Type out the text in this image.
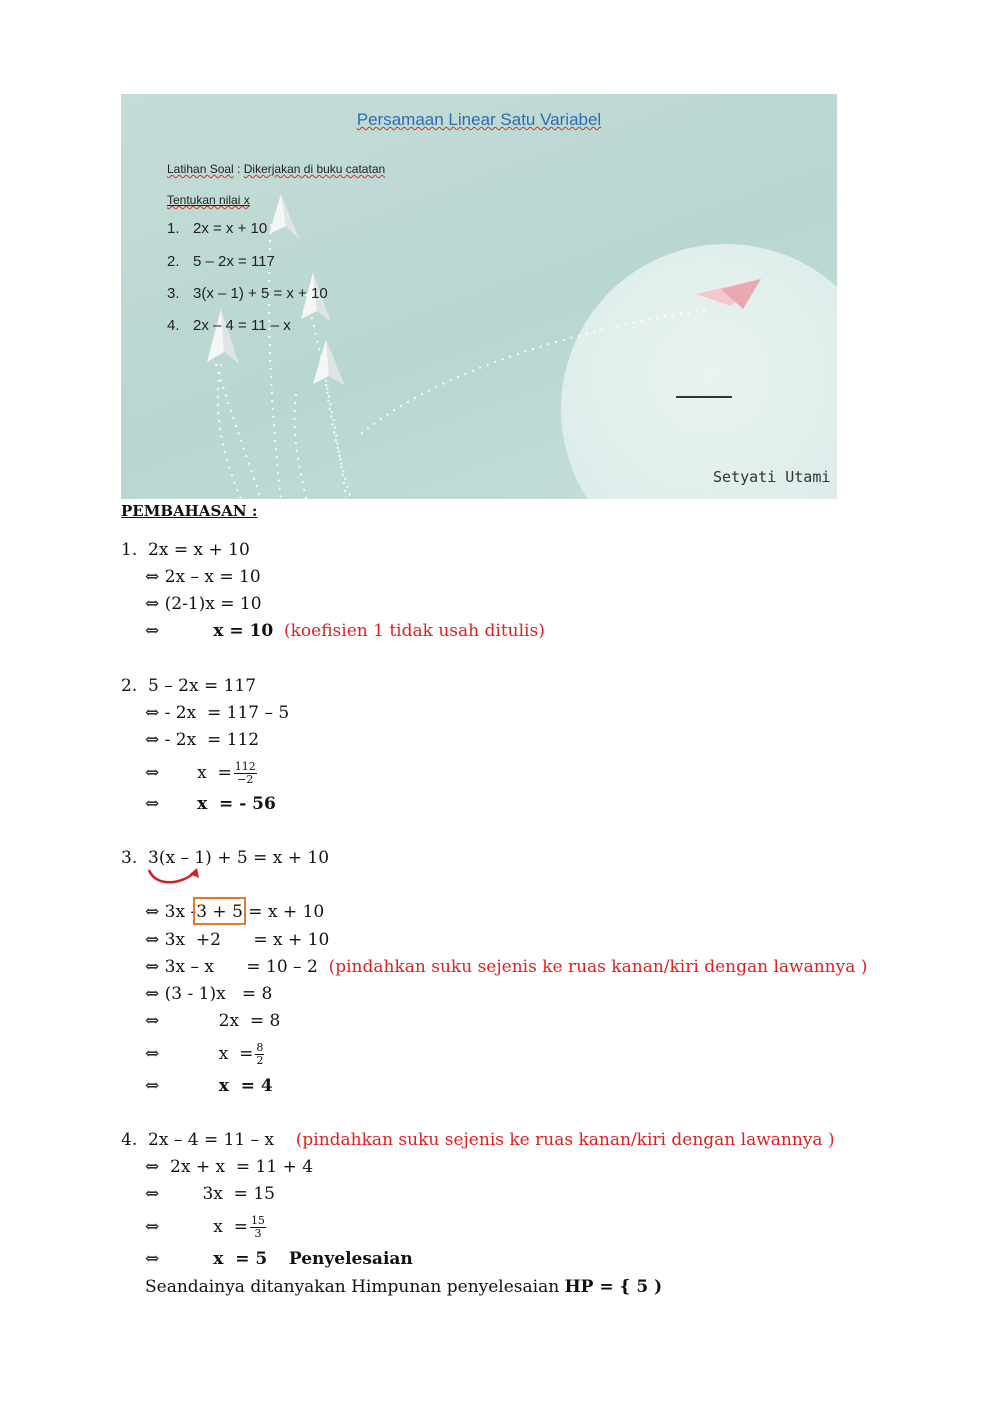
Persamaan Linear Satu Variabel
Latihan Soal : Dikerjakan di buku catatan
Tentukan nilai x
1. 2x = x + 10
2. 5 – 2x = 117
3. 3(x – 1) + 5 = x + 10
4. 2x – 4 = 11 – x
Setyati Utami
PEMBAHASAN :
1.  2x = x + 10
⇔ 2x – x = 10
⇔ (2-1)x = 10
⇔	x = 10 (koefisien 1 tidak usah ditulis)
2.  5 – 2x = 117
⇔ - 2x  = 117 – 5
⇔ - 2x  = 112
⇔ $x = \frac{112}{-2}$
⇔ x  = - 56
3.  3(x – 1) + 5 = x + 10
⇔ 3x -3 + 5 = x + 10
⇔ 3x  +2      = x + 10
⇔ 3x – x      = 10 – 2 (pindahkan suku sejenis ke ruas kanan/kiri dengan lawannya )
⇔ (3 - 1)x   = 8
⇔           2x  = 8
⇔	$x = \frac{8}{2}$
⇔	x  = 4
4.  2x – 4 = 11 – x (pindahkan suku sejenis ke ruas kanan/kiri dengan lawannya )
⇔  2x + x  = 11 + 4
⇔        3x  = 15
⇔	$x = \frac{15}{3}$
⇔	x  = 5 Penyelesaian
Seandainya ditanyakan Himpunan penyelesaian HP = { 5 )
